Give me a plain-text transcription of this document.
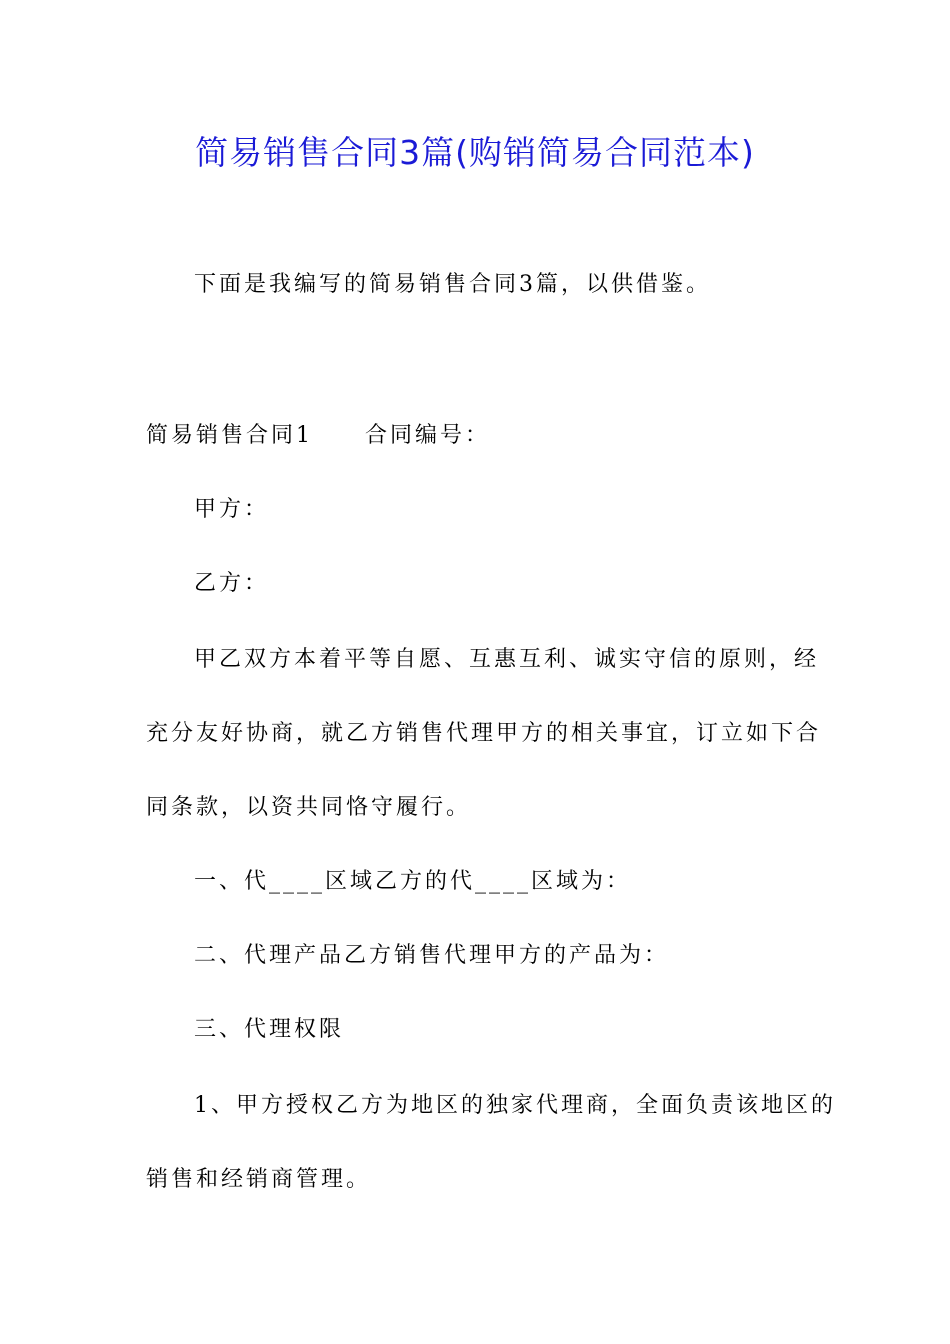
简易销售合同3篇(购销简易合同范本)
下面是我编写的简易销售合同3篇，以供借鉴。
简易销售合同1 合同编号：
甲方：
乙方：
甲乙双方本着平等自愿、互惠互利、诚实守信的原则，经
充分友好协商，就乙方销售代理甲方的相关事宜，订立如下合
同条款，以资共同恪守履行。
一、代____区域乙方的代____区域为：
二、代理产品乙方销售代理甲方的产品为：
三、代理权限
1、甲方授权乙方为地区的独家代理商，全面负责该地区的
销售和经销商管理。
